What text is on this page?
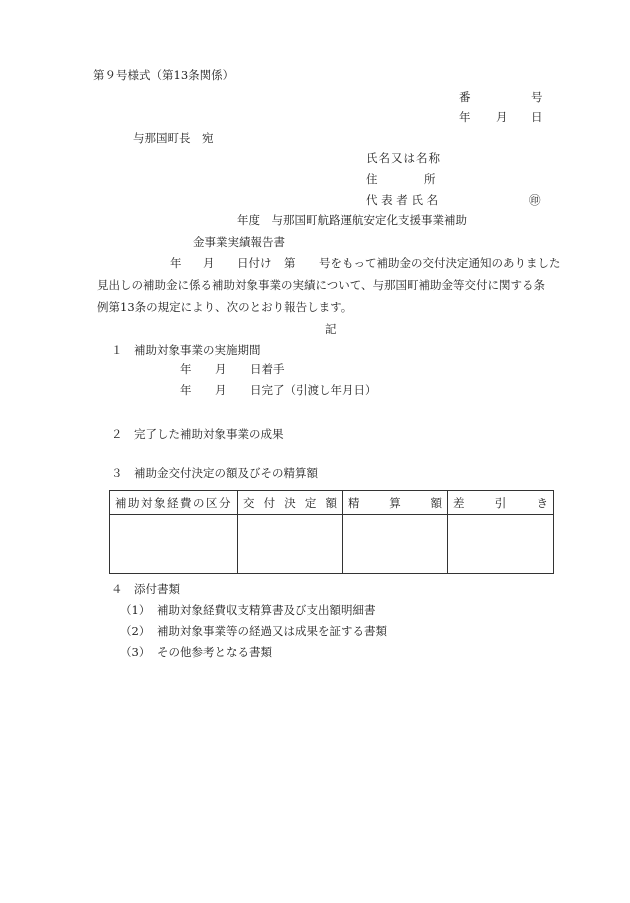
第９号様式（第13条関係）
番	号
年 月 日
与那国町長　宛
氏名又は名称
住	所
代 表 者 氏 名	㊞
年度　与那国町航路運航安定化支援事業補助
金事業実績報告書
年 月 日付け 第 号をもって補助金の交付決定通知のありました
見出しの補助金に係る補助対象事業の実績について、与那国町補助金等交付に関する条
例第13条の規定により、次のとおり報告します。
記
１ 補助対象事業の実施期間
年 月 日着手
年 月 日完了（引渡し年月日）
２ 完了した補助対象事業の成果
３ 補助金交付決定の額及びその精算額
補助対象経費の区分	交 付 決 定 額	精 算 額	差 引 き

４ 添付書類
（1） 補助対象経費収支精算書及び支出額明細書
（2） 補助対象事業等の経過又は成果を証する書類
（3） その他参考となる書類
